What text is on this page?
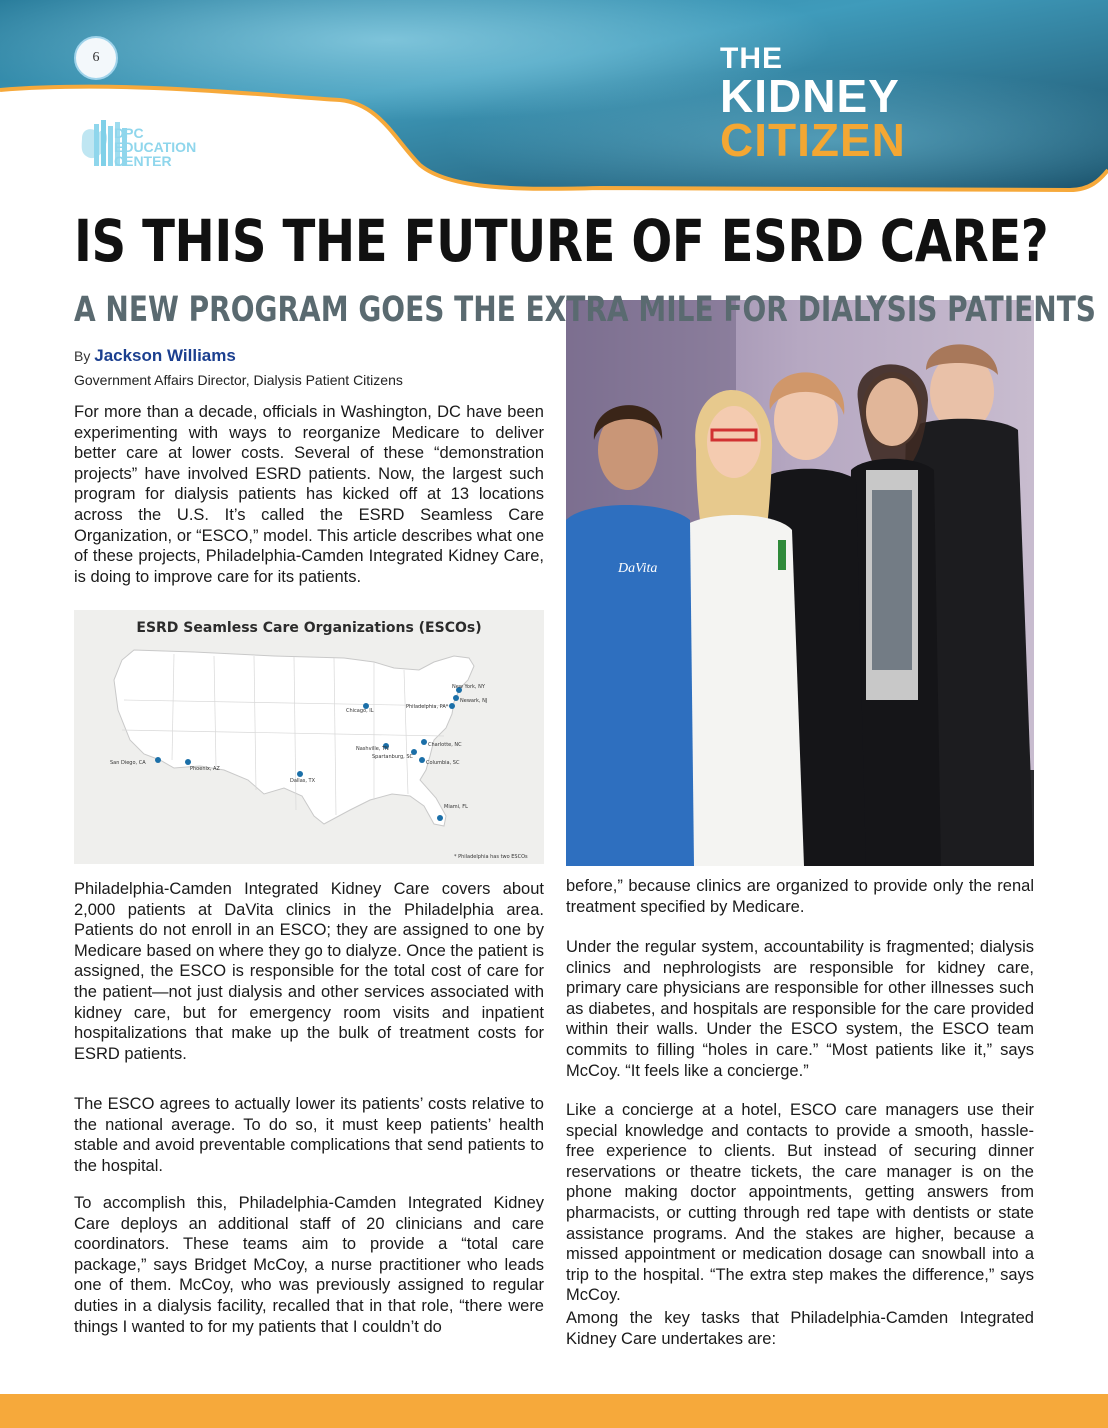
6
DPC
EDUCATION
CENTER
THE
KIDNEY
CITIZEN
IS THIS THE FUTURE OF ESRD CARE?
DaVita
A NEW PROGRAM GOES THE EXTRA MILE FOR DIALYSIS PATIENTS
By Jackson Williams
Government Affairs Director, Dialysis Patient Citizens

For more than a decade, officials in Washington, DC have been experimenting with ways to reorganize Medicare to deliver better care at lower costs. Several of these “demonstration projects” have involved ESRD patients. Now, the largest such program for dialysis patients has kicked off at 13 locations across the U.S. It’s called the ESRD Seamless Care Organization, or “ESCO,” model. This article describes what one of these projects, Philadelphia-Camden Integrated Kidney Care, is doing to improve care for its patients.

ESRD Seamless Care Organizations (ESCOs)
New York, NY
Newark, NJ
Philadelphia, PA*
Chicago, IL
Charlotte, NC
Nashville, TN
Spartanburg, SC
Columbia, SC
San Diego, CA
Phoenix, AZ
Dallas, TX
Miami, FL
* Philadelphia has two ESCOs

Philadelphia-Camden Integrated Kidney Care covers about 2,000 patients at DaVita clinics in the Philadelphia area. Patients do not enroll in an ESCO; they are assigned to one by Medicare based on where they go to dialyze. Once the patient is assigned, the ESCO is responsible for the total cost of care for the patient—not just dialysis and other services associated with kidney care, but for emergency room visits and inpatient hospitalizations that make up the bulk of treatment costs for ESRD patients.

The ESCO agrees to actually lower its patients’ costs relative to the national average. To do so, it must keep patients’ health stable and avoid preventable complications that send patients to the hospital.

To accomplish this, Philadelphia-Camden Integrated Kidney Care deploys an additional staff of 20 clinicians and care coordinators. These teams aim to provide a “total care package,” says Bridget McCoy, a nurse practitioner who leads one of them. McCoy, who was previously assigned to regular duties in a dialysis facility, recalled that in that role, “there were things I wanted to for my patients that I couldn’t do

before,” because clinics are organized to provide only the renal treatment specified by Medicare.

Under the regular system, accountability is fragmented; dialysis clinics and nephrologists are responsible for kidney care, primary care physicians are responsible for other illnesses such as diabetes, and hospitals are responsible for the care provided within their walls. Under the ESCO system, the ESCO team commits to filling “holes in care.” “Most patients like it,” says McCoy. “It feels like a concierge.”

Like a concierge at a hotel, ESCO care managers use their special knowledge and contacts to provide a smooth, hassle-free experience to clients. But instead of securing dinner reservations or theatre tickets, the care manager is on the phone making doctor appointments, getting answers from pharmacists, or cutting through red tape with dentists or state assistance programs. And the stakes are higher, because a missed appointment or medication dosage can snowball into a trip to the hospital. “The extra step makes the difference,” says McCoy.

Among the key tasks that Philadelphia-Camden Integrated Kidney Care undertakes are:
